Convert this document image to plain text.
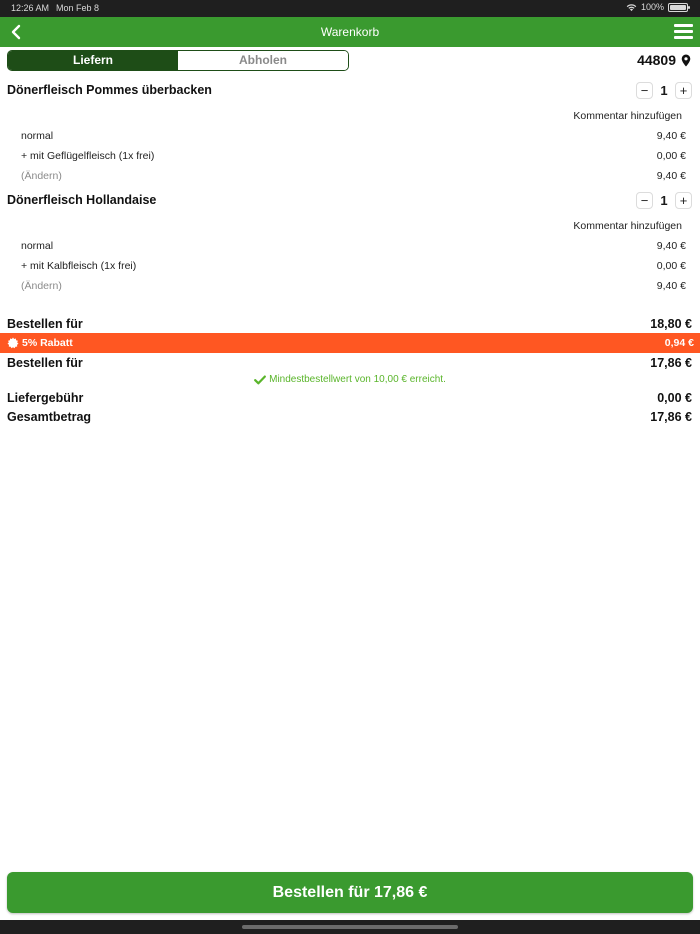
12:26 AM Mon Feb 8	100%
Warenkorb
Liefern	Abholen	44809
Dönerfleisch Pommes überbacken	− 1 +
Kommentar hinzufügen
normal	9,40 €
+ mit Geflügelfleisch (1x frei)	0,00 €
(Ändern)	9,40 €
Dönerfleisch Hollandaise	− 1 +
Kommentar hinzufügen
normal	9,40 €
+ mit Kalbfleisch (1x frei)	0,00 €
(Ändern)	9,40 €
Bestellen für	18,80 €
5% Rabatt	0,94 €
Bestellen für	17,86 €
Mindestbestellwert von 10,00 € erreicht.
Liefergebühr	0,00 €
Gesamtbetrag	17,86 €
Bestellen für 17,86 €
